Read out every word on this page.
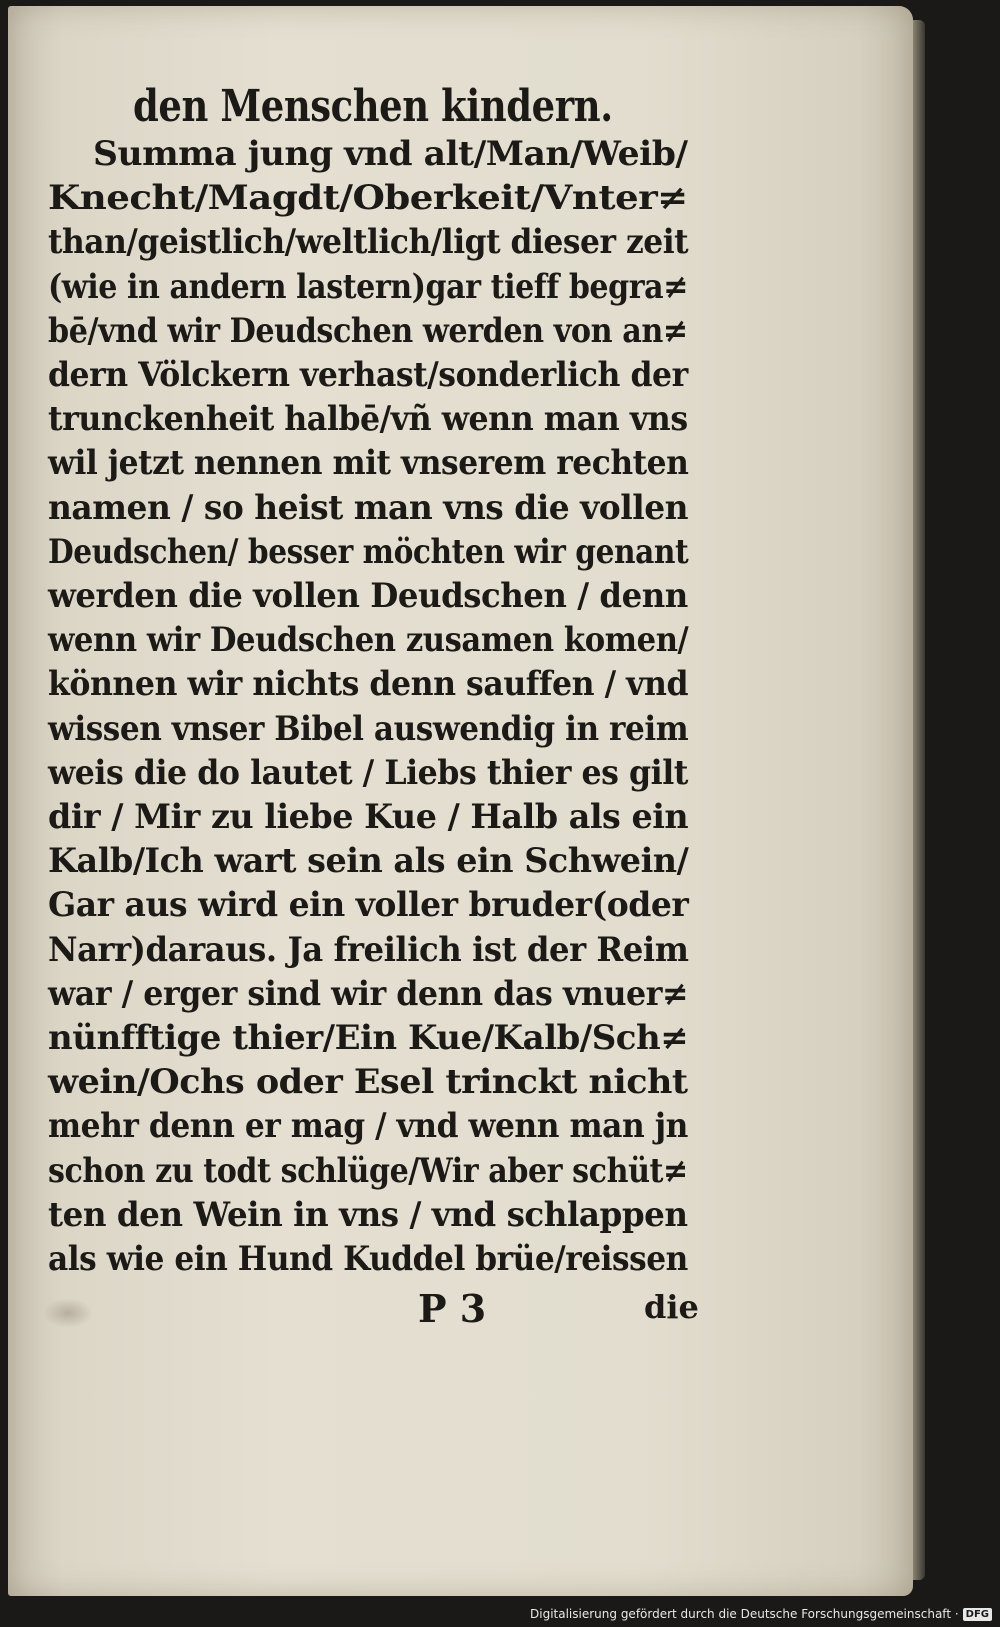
den Menschen kindern.
Summa jung vnd alt/Man/Weib/
Knecht/Magdt/Oberkeit/Vnter≠
than/geistlich/weltlich/ligt dieser zeit
(wie in andern lastern)gar tieff begra≠
bē/vnd wir Deudschen werden von an≠
dern Völckern verhast/sonderlich der
trunckenheit halbē/vñ wenn man vns
wil jetzt nennen mit vnserem rechten
namen / so heist man vns die vollen
Deudschen/ besser möchten wir genant
werden die vollen Deudschen / denn
wenn wir Deudschen zusamen komen/
können wir nichts denn sauffen / vnd
wissen vnser Bibel auswendig in reim
weis die do lautet / Liebs thier es gilt
dir / Mir zu liebe Kue / Halb als ein
Kalb/Ich wart sein als ein Schwein/
Gar aus wird ein voller bruder(oder
Narr)daraus. Ja freilich ist der Reim
war / erger sind wir denn das vnuer≠
nünfftige thier/Ein Kue/Kalb/Sch≠
wein/Ochs oder Esel trinckt nicht
mehr denn er mag / vnd wenn man jn
schon zu todt schlüge/Wir aber schüt≠
ten den Wein in vns / vnd schlappen
als wie ein Hund Kuddel brüe/reissen
P 3	die
Digitalisierung gefördert durch die Deutsche Forschungsgemeinschaft · DFG
